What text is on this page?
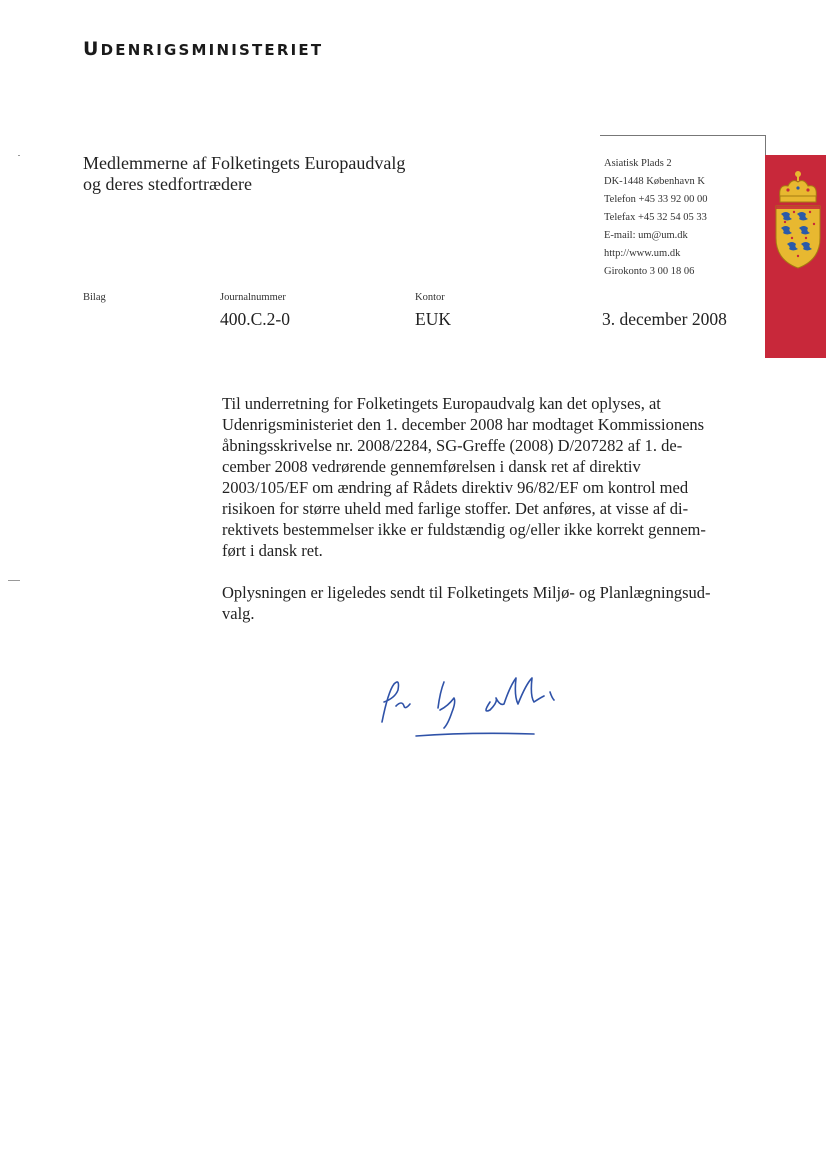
UDENRIGSMINISTERIET
Medlemmerne af Folketingets Europaudvalg
og deres stedfortrædere
Asiatisk Plads 2
DK-1448 København K
Telefon +45 33 92 00 00
Telefax +45 32 54 05 33
E-mail: um@um.dk
http://www.um.dk
Girokonto 3 00 18 06
Bilag	Journalnummer
400.C.2-0
Kontor
EUK	3. december 2008

Til underretning for Folketingets Europaudvalg kan det oplyses, at
Udenrigsministeriet den 1. december 2008 har modtaget Kommissionens
åbningsskrivelse nr. 2008/2284, SG-Greffe (2008) D/207282 af 1. de-
cember 2008 vedrørende gennemførelsen i dansk ret af direktiv
2003/105/EF om ændring af Rådets direktiv 96/82/EF om kontrol med
risikoen for større uheld med farlige stoffer. Det anføres, at visse af di-
rektivets bestemmelser ikke er fuldstændig og/eller ikke korrekt gennem-
ført i dansk ret.

Oplysningen er ligeledes sendt til Folketingets Miljø- og Planlægningsud-
valg.
